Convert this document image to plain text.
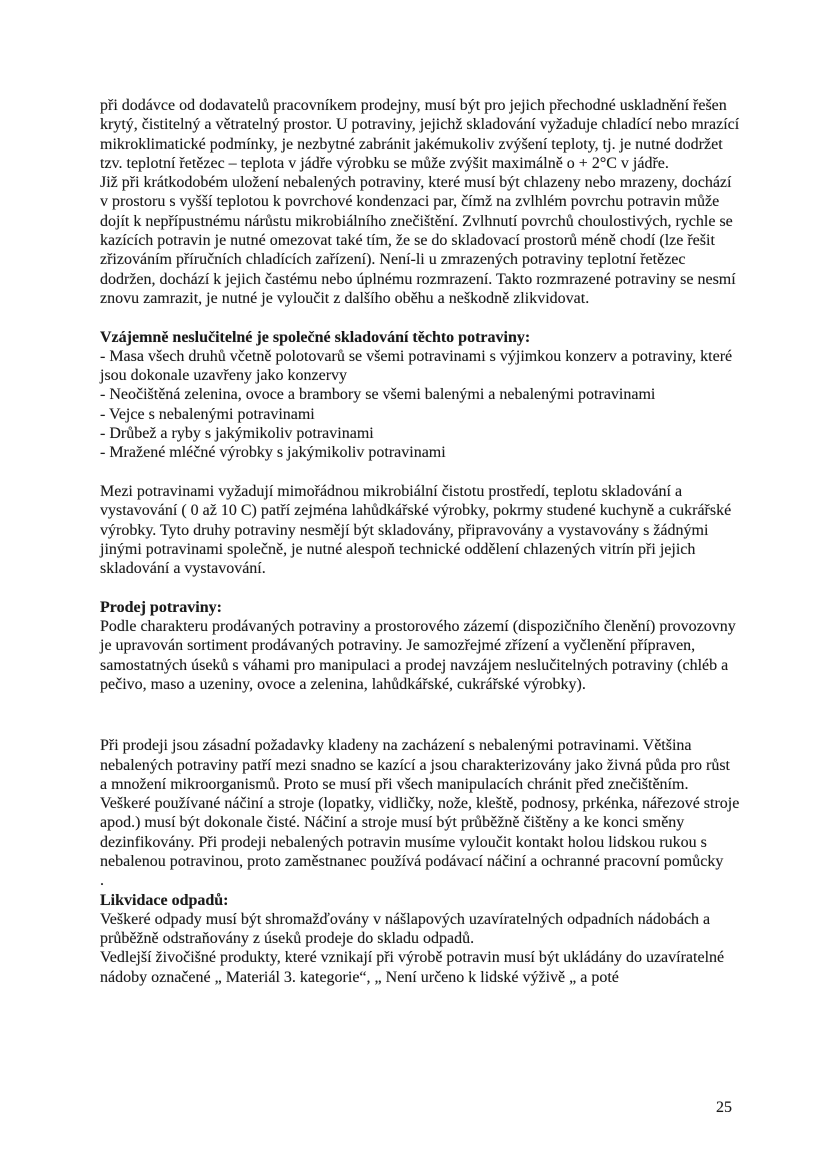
při dodávce od dodavatelů pracovníkem prodejny, musí být pro jejich přechodné uskladnění řešen krytý, čistitelný a větratelný prostor. U potraviny, jejichž skladování vyžaduje chladící nebo mrazící mikroklimatické podmínky, je nezbytné zabránit jakémukoliv zvýšení teploty, tj. je nutné dodržet tzv. teplotní řetězec – teplota v jádře výrobku se může zvýšit maximálně o + 2°C v jádře.

Již při krátkodobém uložení nebalených potraviny, které musí být chlazeny nebo mrazeny, dochází v prostoru s vyšší teplotou k povrchové kondenzaci par, čímž na zvlhlém povrchu potravin může dojít k nepřípustnému nárůstu mikrobiálního znečištění. Zvlhnutí povrchů choulostivých, rychle se kazících potravin je nutné omezovat také tím, že se do skladovací prostorů méně chodí (lze řešit zřizováním příručních chladících zařízení). Není-li u zmrazených potraviny teplotní řetězec dodržen, dochází k jejich častému nebo úplnému rozmrazení. Takto rozmrazené potraviny se nesmí znovu zamrazit, je nutné je vyloučit z dalšího oběhu a neškodně zlikvidovat.

Vzájemně neslučitelné je společné skladování těchto potraviny:

- Masa všech druhů včetně polotovarů se všemi potravinami s výjimkou konzerv a potraviny, které jsou dokonale uzavřeny jako konzervy
- Neočištěná zelenina, ovoce a brambory se všemi balenými a nebalenými potravinami
- Vejce s nebalenými potravinami
- Drůbež a ryby s jakýmikoliv potravinami
- Mražené mléčné výrobky s jakýmikoliv potravinami

Mezi potravinami vyžadují mimořádnou mikrobiální čistotu prostředí, teplotu skladování a vystavování ( 0 až 10 C) patří zejména lahůdkářské výrobky, pokrmy studené kuchyně a cukrářské výrobky. Tyto druhy potraviny nesmějí být skladovány, připravovány a vystavovány s žádnými jinými potravinami společně, je nutné alespoň technické oddělení chlazených vitrín při jejich skladování a vystavování.

Prodej potraviny:

Podle charakteru prodávaných potraviny a prostorového zázemí (dispozičního členění) provozovny je upravován sortiment prodávaných potraviny. Je samozřejmé zřízení a vyčlenění přípraven, samostatných úseků s váhami pro manipulaci a prodej navzájem neslučitelných potraviny (chléb a pečivo, maso a uzeniny, ovoce a zelenina, lahůdkářské, cukrářské výrobky).

Při prodeji jsou zásadní požadavky kladeny na zacházení s nebalenými potravinami. Většina nebalených potraviny patří mezi snadno se kazící a jsou charakterizovány jako živná půda pro růst a množení mikroorganismů. Proto se musí při všech manipulacích chránit před znečištěním. Veškeré používané náčiní a stroje (lopatky, vidličky, nože, kleště, podnosy, prkénka, nářezové stroje apod.) musí být dokonale čisté. Náčiní a stroje musí být průběžně čištěny a ke konci směny dezinfikovány. Při prodeji nebalených potravin musíme vyloučit kontakt holou lidskou rukou s nebalenou potravinou, proto zaměstnanec používá podávací náčiní a ochranné pracovní pomůcky

.

Likvidace odpadů:

Veškeré odpady musí být shromažďovány v nášlapových uzavíratelných odpadních nádobách a průběžně odstraňovány z úseků prodeje do skladu odpadů.

Vedlejší živočišné produkty, které vznikají při výrobě potravin musí být ukládány do uzavíratelné nádoby označené „ Materiál 3. kategorie“, „ Není určeno k lidské výživě „ a poté

25
